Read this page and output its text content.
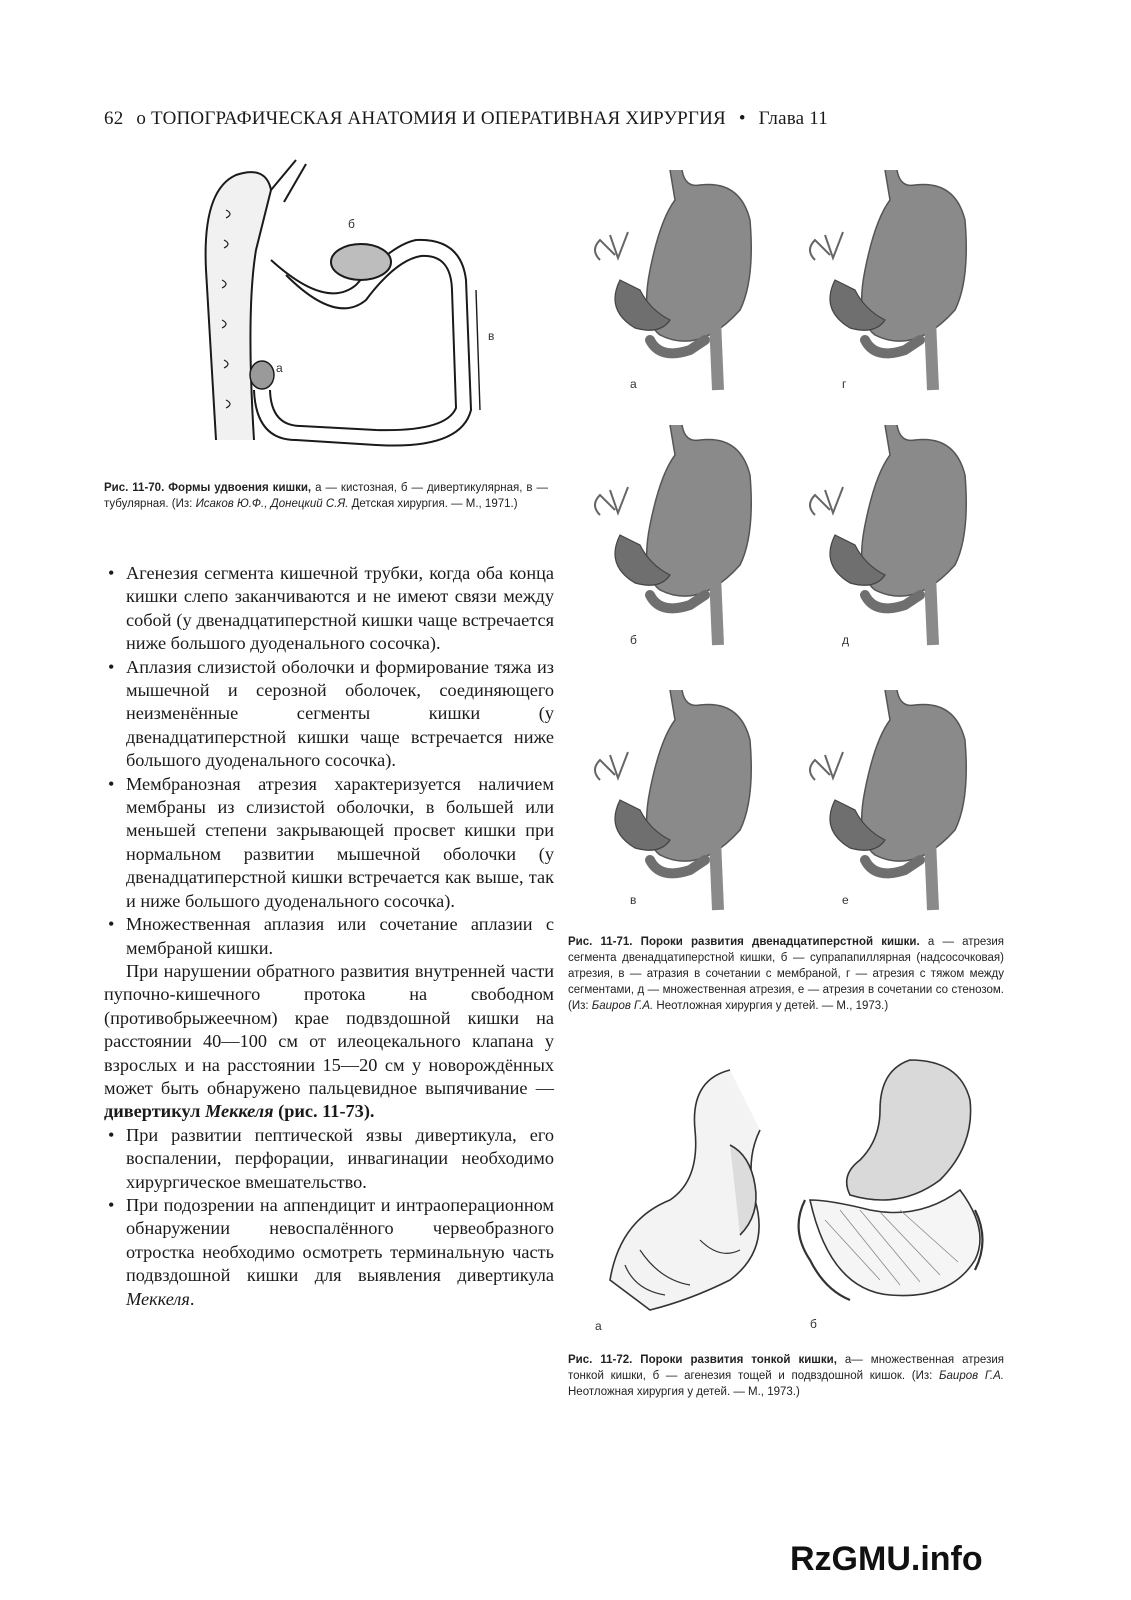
62 о ТОПОГРАФИЧЕСКАЯ АНАТОМИЯ И ОПЕРАТИВНАЯ ХИРУРГИЯ • Глава 11
а
б
в
Рис. 11-70. Формы удвоения кишки, а — кистозная, б — дивертикулярная, в — тубулярная. (Из: Исаков Ю.Ф., Донецкий С.Я. Детская хирургия. — М., 1971.)
а	г
б	д
в	е
Рис. 11-71. Пороки развития двенадцатиперстной кишки. а — атрезия сегмента двенадцатиперстной кишки, б — супрапапиллярная (надсосочковая) атрезия, в — атразия в сочетании с мембраной, г — атрезия с тяжом между сегментами, д — множественная атрезия, е — атрезия в сочетании со стенозом. (Из: Баиров Г.А. Неотложная хирургия у детей. — М., 1973.)
а	б
Рис. 11-72. Пороки развития тонкой кишки, а— множественная атрезия тонкой кишки, б — агенезия тощей и подвздошной кишок. (Из: Баиров Г.А. Неотложная хирургия у детей. — М., 1973.)
• Агенезия сегмента кишечной трубки, когда оба конца кишки слепо заканчиваются и не имеют связи между собой (у двенадцатиперстной кишки чаще встречается ниже большого дуоденального сосочка).
• Аплазия слизистой оболочки и формирование тяжа из мышечной и серозной оболочек, соединяющего неизменённые сегменты кишки (у двенадцатиперстной кишки чаще встречается ниже большого дуоденального сосочка).
• Мембранозная атрезия характеризуется наличием мембраны из слизистой оболочки, в большей или меньшей степени закрывающей просвет кишки при нормальном развитии мышечной оболочки (у двенадцатиперстной кишки встречается как выше, так и ниже большого дуоденального сосочка).
• Множественная аплазия или сочетание аплазии с мембраной кишки.

При нарушении обратного развития внутренней части пупочно-кишечного протока на свободном (противобрыжеечном) крае подвздошной кишки на расстоянии 40—100 см от илеоцекального клапана у взрослых и на расстоянии 15—20 см у новорождённых может быть обнаружено пальцевидное выпячивание — дивертикул Меккеля (рис. 11-73).

• При развитии пептической язвы дивертикула, его воспалении, перфорации, инвагинации необходимо хирургическое вмешательство.
• При подозрении на аппендицит и интраоперационном обнаружении невоспалённого червеобразного отростка необходимо осмотреть терминальную часть подвздошной кишки для выявления дивертикула Меккеля.
RzGMU.info
